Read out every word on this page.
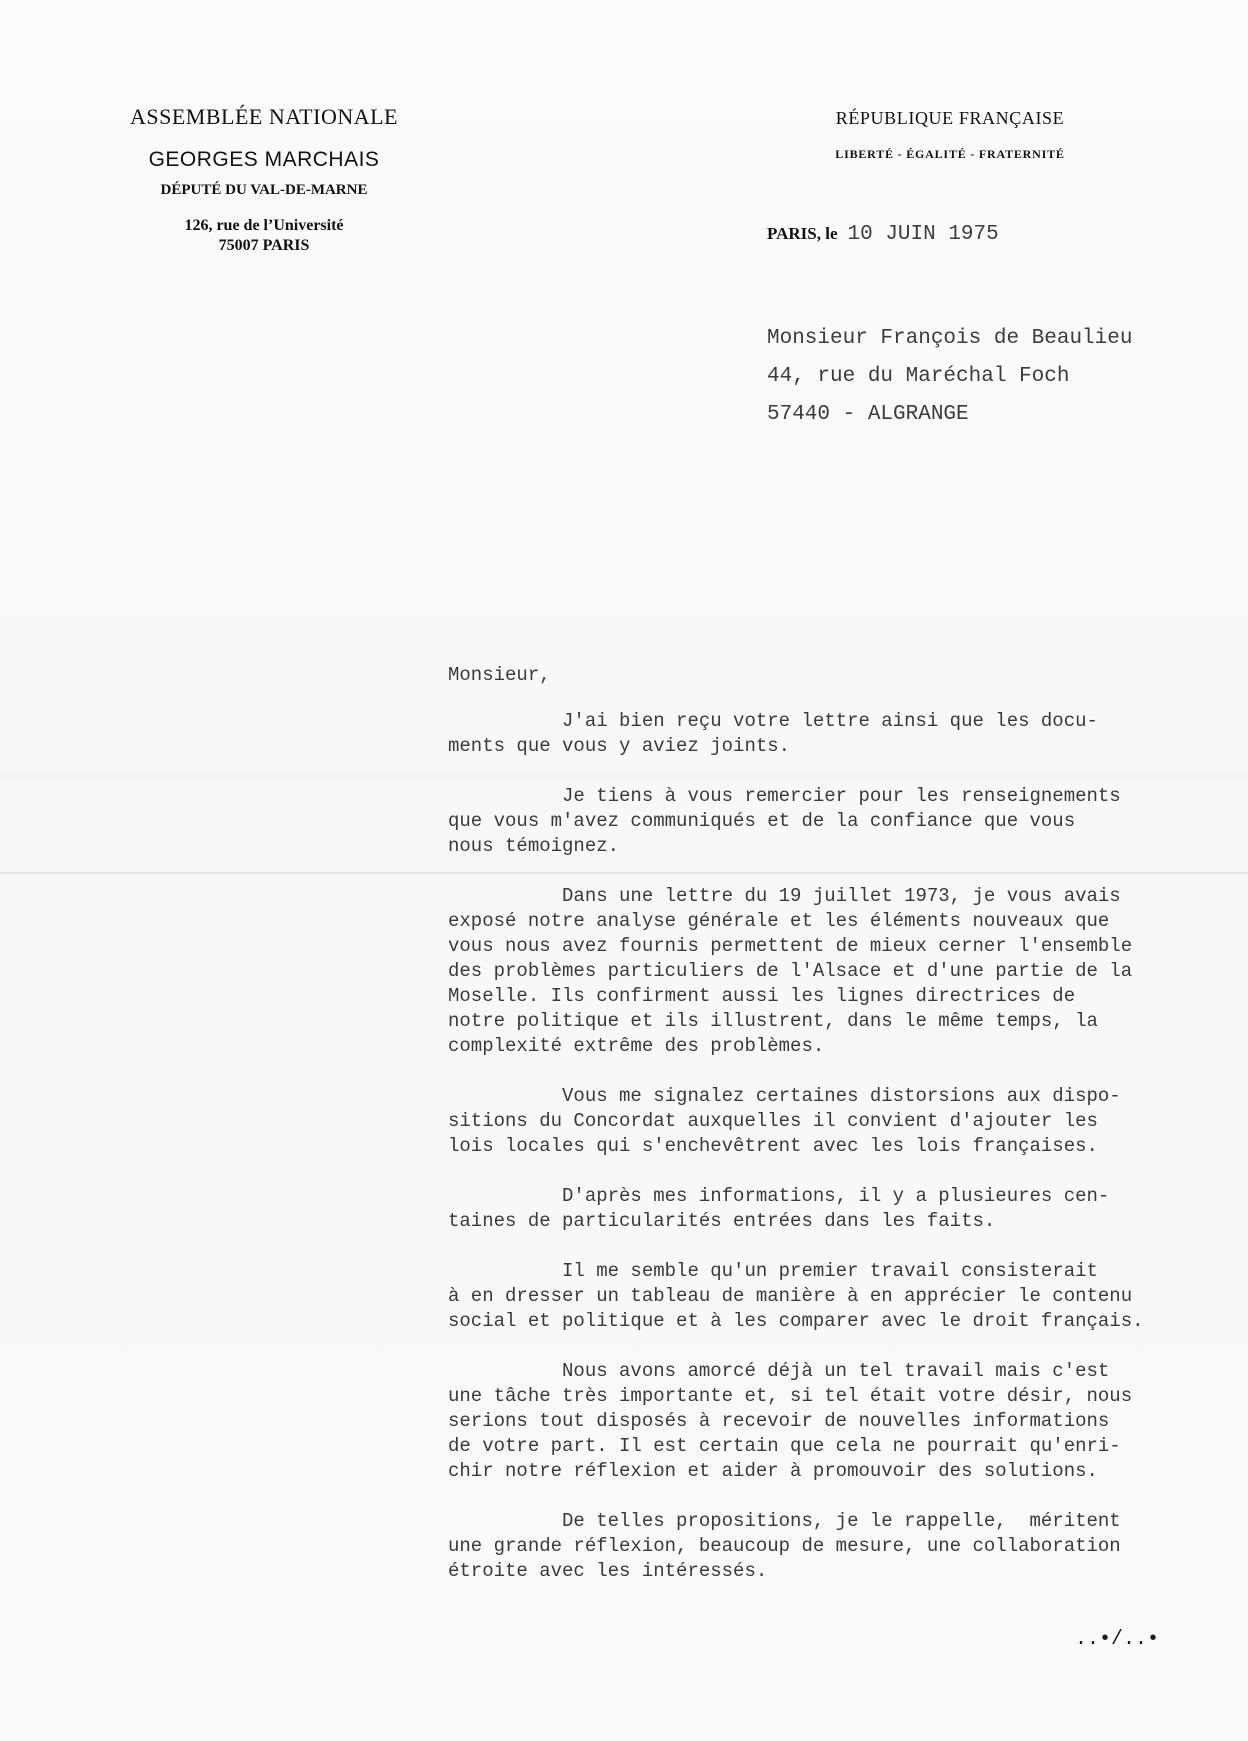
ASSEMBLÉE NATIONALE
GEORGES MARCHAIS
DÉPUTÉ DU VAL-DE-MARNE
126, rue de l’Université
75007 PARIS
RÉPUBLIQUE FRANÇAISE
LIBERTÉ - ÉGALITÉ - FRATERNITÉ
PARIS, le 10 JUIN 1975
Monsieur François de Beaulieu
44, rue du Maréchal Foch
57440 - ALGRANGE
Monsieur,
J'ai bien reçu votre lettre ainsi que les docu-
ments que vous y aviez joints.
Je tiens à vous remercier pour les renseignements
que vous m'avez communiqués et de la confiance que vous
nous témoignez.
Dans une lettre du 19 juillet 1973, je vous avais
exposé notre analyse générale et les éléments nouveaux que
vous nous avez fournis permettent de mieux cerner l'ensemble
des problèmes particuliers de l'Alsace et d'une partie de la
Moselle. Ils confirment aussi les lignes directrices de
notre politique et ils illustrent, dans le même temps, la
complexité extrême des problèmes.
Vous me signalez certaines distorsions aux dispo-
sitions du Concordat auxquelles il convient d'ajouter les
lois locales qui s'enchevêtrent avec les lois françaises.
D'après mes informations, il y a plusieures cen-
taines de particularités entrées dans les faits.
Il me semble qu'un premier travail consisterait
à en dresser un tableau de manière à en apprécier le contenu
social et politique et à les comparer avec le droit français.
Nous avons amorcé déjà un tel travail mais c'est
une tâche très importante et, si tel était votre désir, nous
serions tout disposés à recevoir de nouvelles informations
de votre part. Il est certain que cela ne pourrait qu'enri-
chir notre réflexion et aider à promouvoir des solutions.
De telles propositions, je le rappelle,  méritent
une grande réflexion, beaucoup de mesure, une collaboration
étroite avec les intéressés.
..•/..•
